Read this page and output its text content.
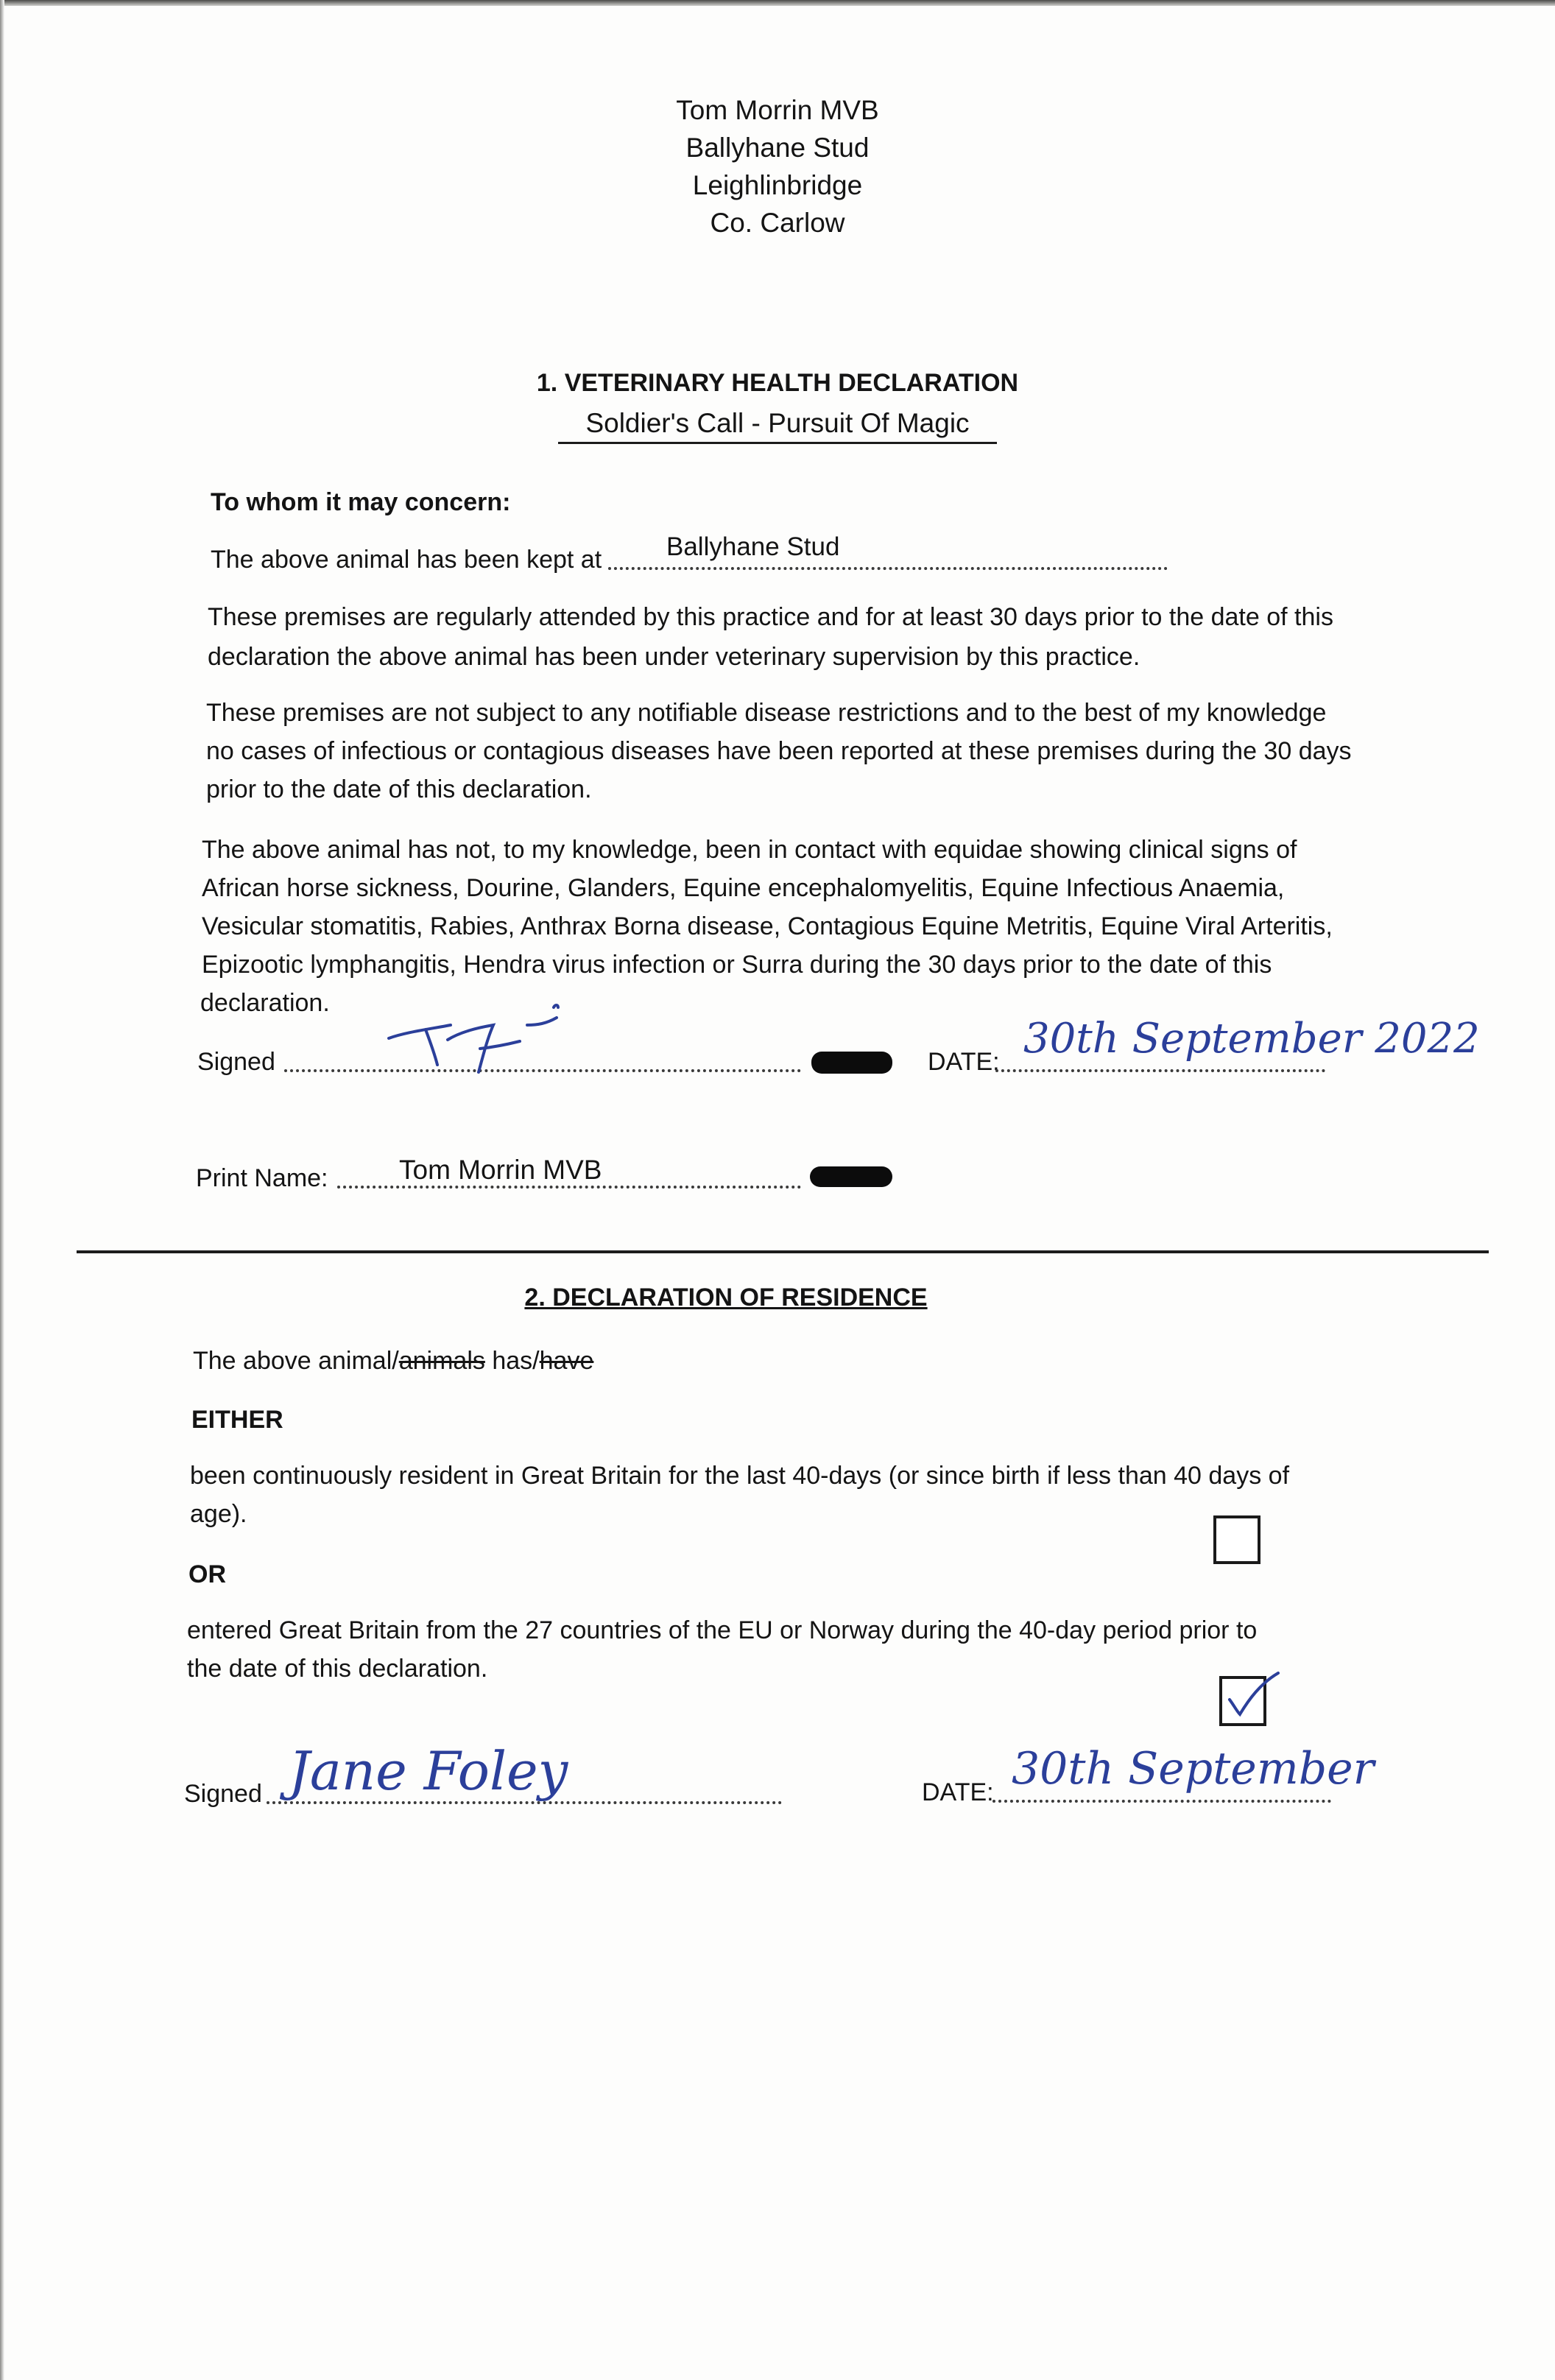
Tom Morrin MVB
Ballyhane Stud
Leighlinbridge
Co. Carlow
1. VETERINARY HEALTH DECLARATION
Soldier's Call - Pursuit Of Magic
To whom it may concern:
The above animal has been kept at	Ballyhane Stud
These premises are regularly attended by this practice and for at least 30 days prior to the date of this
declaration the above animal has been under veterinary supervision by this practice.
These premises are not subject to any notifiable disease restrictions and to the best of my knowledge
no cases of infectious or contagious diseases have been reported at these premises during the 30 days
prior to the date of this declaration.
The above animal has not, to my knowledge, been in contact with equidae showing clinical signs of
African horse sickness, Dourine, Glanders, Equine encephalomyelitis, Equine Infectious Anaemia,
Vesicular stomatitis, Rabies, Anthrax Borna disease, Contagious Equine Metritis, Equine Viral Arteritis,
Epizootic lymphangitis, Hendra virus infection or Surra during the 30 days prior to the date of this
declaration.
Signed	DATE: 30th September 2022
Print Name:	Tom Morrin MVB
2. DECLARATION OF RESIDENCE
The above animal/animals has/have
EITHER
been continuously resident in Great Britain for the last 40-days (or since birth if less than 40 days of
age).
OR
entered Great Britain from the 27 countries of the EU or Norway during the 40-day period prior to
the date of this declaration.
Signed Jane Foley	DATE: 30th September
